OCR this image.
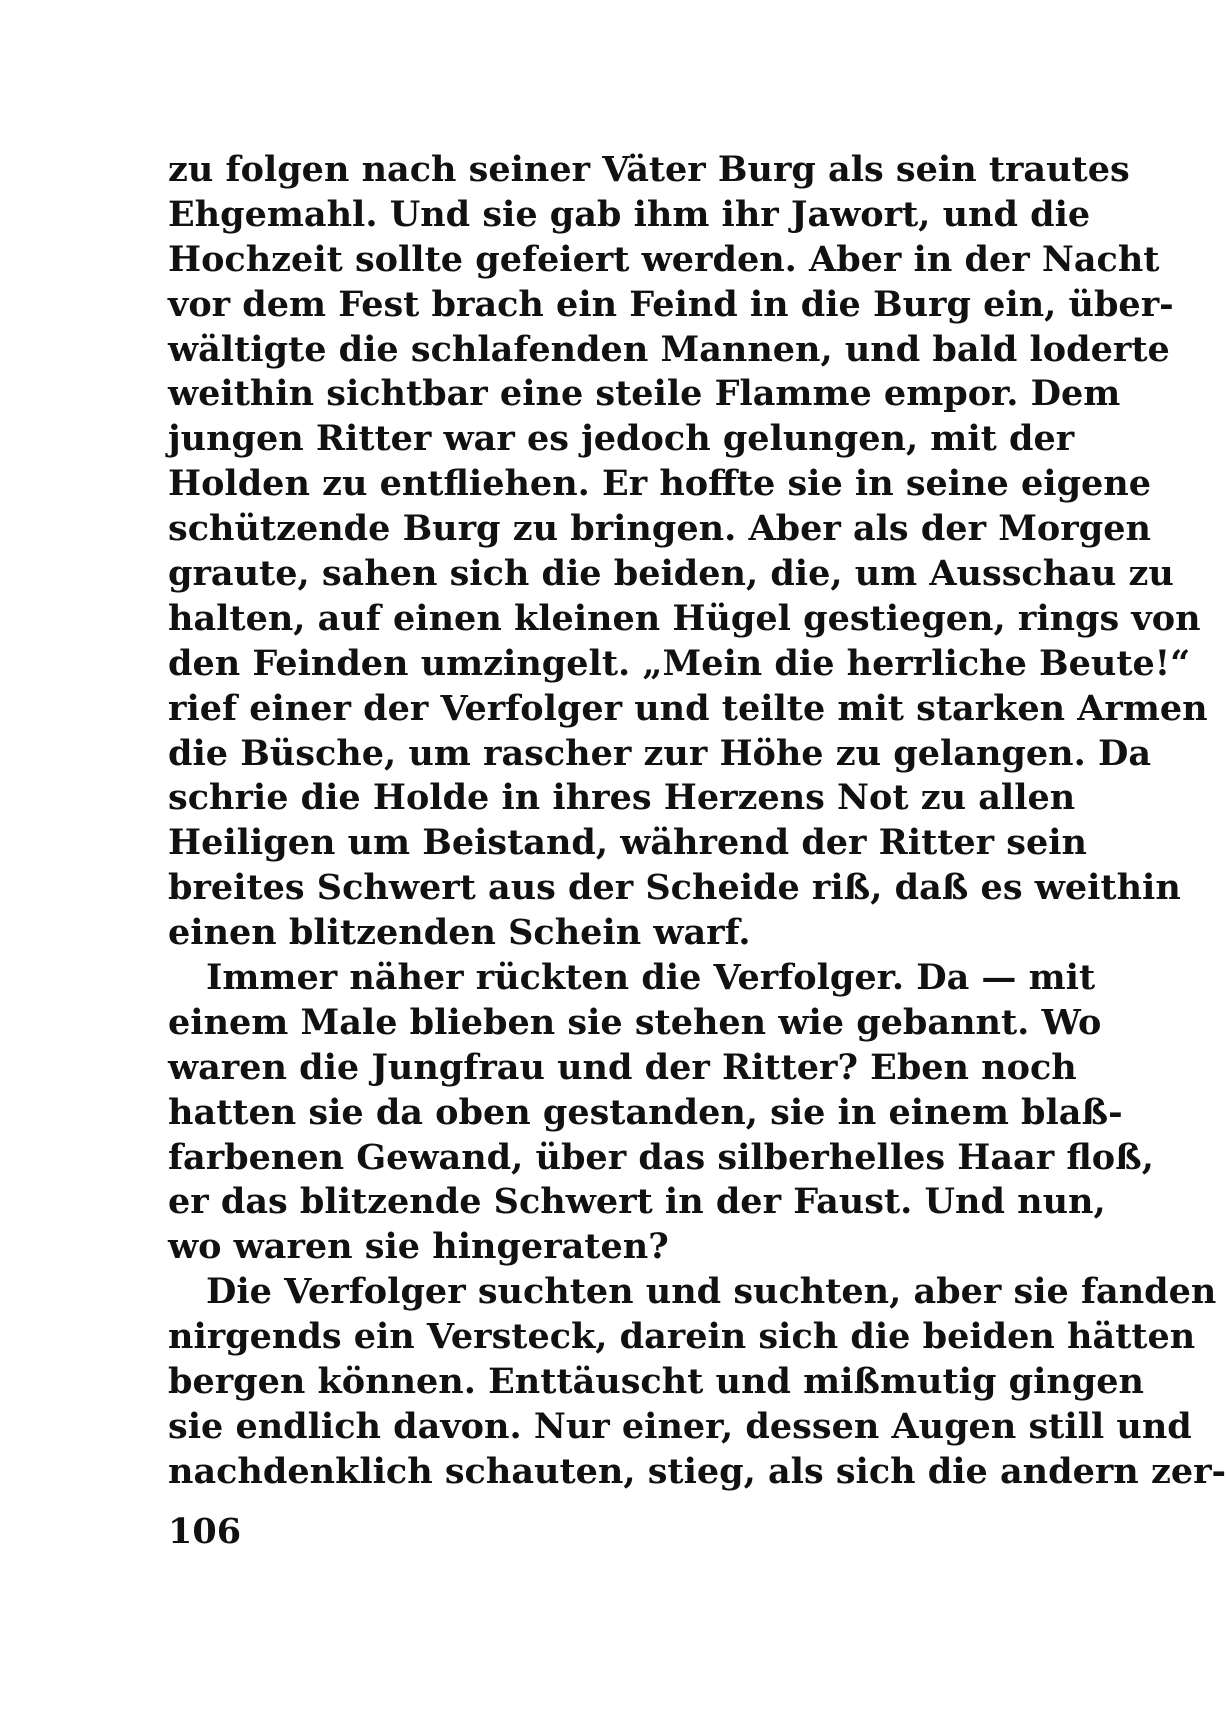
zu folgen nach seiner Väter Burg als sein trautes
Ehgemahl. Und sie gab ihm ihr Jawort, und die
Hochzeit sollte gefeiert werden. Aber in der Nacht
vor dem Fest brach ein Feind in die Burg ein, über-
wältigte die schlafenden Mannen, und bald loderte
weithin sichtbar eine steile Flamme empor. Dem
jungen Ritter war es jedoch gelungen, mit der
Holden zu entfliehen. Er hoffte sie in seine eigene
schützende Burg zu bringen. Aber als der Morgen
graute, sahen sich die beiden, die, um Ausschau zu
halten, auf einen kleinen Hügel gestiegen, rings von
den Feinden umzingelt. „Mein die herrliche Beute!“
rief einer der Verfolger und teilte mit starken Armen
die Büsche, um rascher zur Höhe zu gelangen. Da
schrie die Holde in ihres Herzens Not zu allen
Heiligen um Beistand, während der Ritter sein
breites Schwert aus der Scheide riß, daß es weithin
einen blitzenden Schein warf.
Immer näher rückten die Verfolger. Da — mit
einem Male blieben sie stehen wie gebannt. Wo
waren die Jungfrau und der Ritter? Eben noch
hatten sie da oben gestanden, sie in einem blaß-
farbenen Gewand, über das silberhelles Haar floß,
er das blitzende Schwert in der Faust. Und nun,
wo waren sie hingeraten?
Die Verfolger suchten und suchten, aber sie fanden
nirgends ein Versteck, darein sich die beiden hätten
bergen können. Enttäuscht und mißmutig gingen
sie endlich davon. Nur einer, dessen Augen still und
nachdenklich schauten, stieg, als sich die andern zer-
106
